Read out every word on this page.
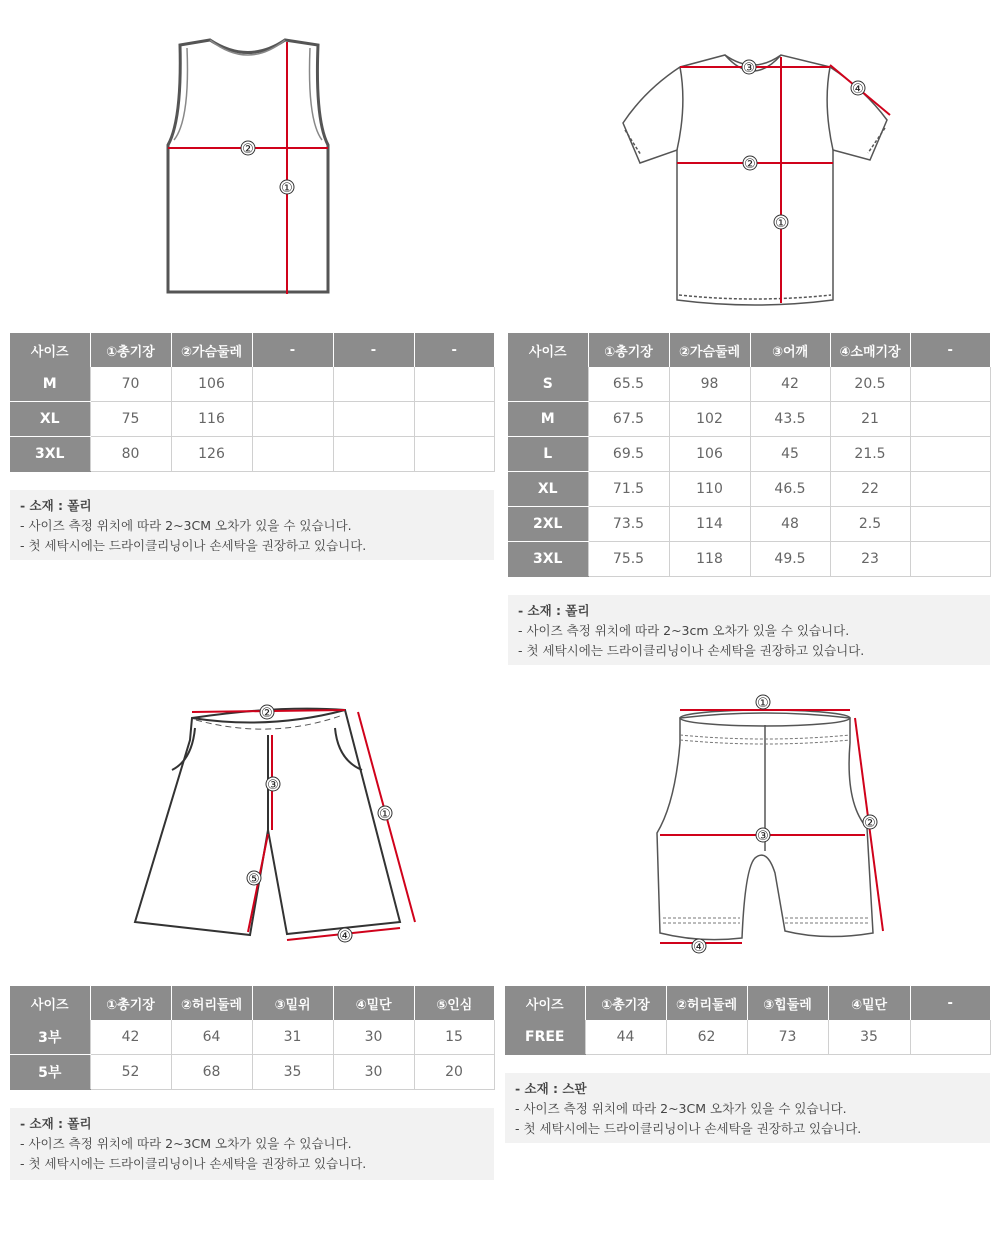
②
①
③
④
②
①
사이즈	①총기장	②가슴둘레	-	-	-
M	70	106			
XL	75	116			
3XL	80	126			
- 소재 : 폴리
- 사이즈 측정 위치에 따라 2~3CM 오차가 있을 수 있습니다.
- 첫 세탁시에는 드라이클리닝이나 손세탁을 권장하고 있습니다.
사이즈	①총기장	②가슴둘레	③어깨	④소매기장	-
S	65.5	98	42	20.5	
M	67.5	102	43.5	21	
L	69.5	106	45	21.5	
XL	71.5	110	46.5	22	
2XL	73.5	114	48	2.5	
3XL	75.5	118	49.5	23	
- 소재 : 폴리
- 사이즈 측정 위치에 따라 2~3cm 오차가 있을 수 있습니다.
- 첫 세탁시에는 드라이클리닝이나 손세탁을 권장하고 있습니다.
②
③
①
⑤
④
①
③
②
④
사이즈	①총기장	②허리둘레	③밑위	④밑단	⑤인심
3부	42	64	31	30	15
5부	52	68	35	30	20
- 소재 : 폴리
- 사이즈 측정 위치에 따라 2~3CM 오차가 있을 수 있습니다.
- 첫 세탁시에는 드라이클리닝이나 손세탁을 권장하고 있습니다.
사이즈	①총기장	②허리둘레	③힙둘레	④밑단	-
FREE	44	62	73	35	
- 소재 : 스판
- 사이즈 측정 위치에 따라 2~3CM 오차가 있을 수 있습니다.
- 첫 세탁시에는 드라이클리닝이나 손세탁을 권장하고 있습니다.
